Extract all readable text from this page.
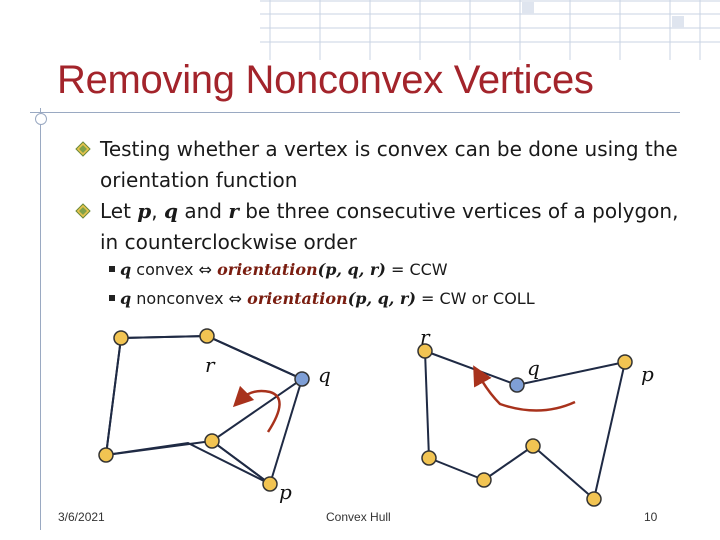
Removing Nonconvex Vertices
Testing whether a vertex is convex can be done using the orientation function
Let p, q and r be three consecutive vertices of a polygon, in counterclockwise order
q convex ⇔ orientation(p, q, r) = CCW
q nonconvex ⇔ orientation(p, q, r) = CW or COLL
r	q
p
r
q	p
3/6/2021	Convex Hull	10
